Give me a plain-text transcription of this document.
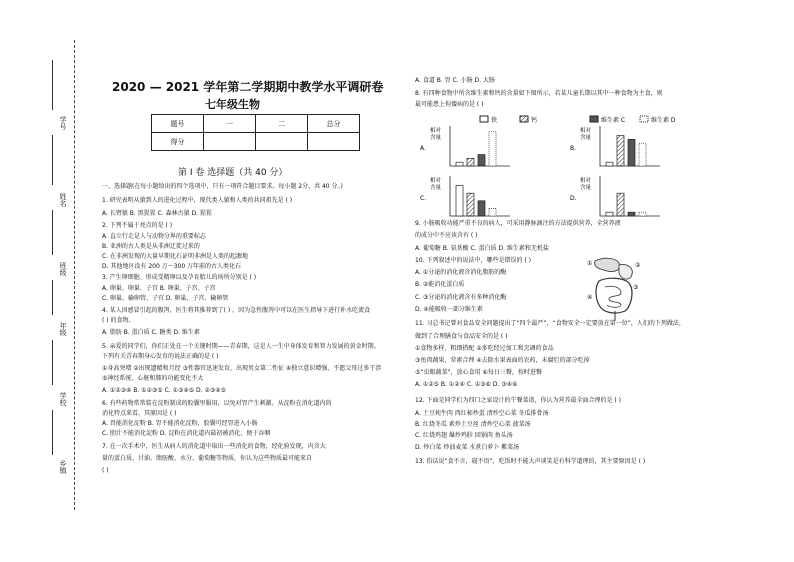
学号
姓名
班级
年级
学校
乡镇
2020 — 2021 学年第二学期期中教学水平调研卷
七年级生物
题号	一	二	总分
得分			
第 I 卷 选择题（共 40 分）
一、选择题(在每小题给出的四个选项中，只有一项符合题目要求。每小题 2分，共 40 分。)
1. 研究表明从猿到人的进化过程中，现代类人猿和人类的共同祖先是 ( )
A. 长臂猿 B. 黑猩猩 C. 森林古猿 D. 猩猩
2. 下列不属于亮点的是 ( )
A. 直立行走是人与动物分界的重要标志
B. 亚洲的古人类是从非洲迁徙过来的
C. 在非洲发现的大量早期化石证明非洲是人类的起源地
D. 其他地区没有 200 万～300 万年前的古人类化石
3. 产生卵细胞、形成受精卵以及孕育胎儿的场所分别是 ( )
A. 卵巢、卵巢、子宫 B. 卵巢、子宫、子宫
C. 卵巢、输卵管、子宫 D. 卵巢、子宫、输卵管
4. 某人因感冒引起的腹泻，医生将其推荐到了( ) ，因为急性腹泻中可以在医生指导下进行补水吃流食
( ) 的食物。
A. 脂肪 B. 蛋白质 C. 糖类 D. 维生素
5. 亲爱的同学们，你们正处在一个关键时期——青春期，这是人一生中身体发育和智力发展的黄金时期。
下列有关青春期身心发育的说法正确的是 ( )
①身高突增 ②出现遗精和月经 ③性器官迅速发育，出现男女第二性征 ④独立意识增强，不愿父母过多干涉
⑤神经系统、心脏和肺的功能变化不大
A. ①②③④ B. ①②③⑤ C. ①③④⑤ D. ②③④⑤
6. 有些药物常常装在淀粉制成的胶囊里服用，以免对胃产生刺激。从淀粉在消化道内的
消化特点来看，其原因是 ( )
A. 胃能消化淀粉 B. 胃不能消化淀粉，胶囊可经胃进入小肠
C. 胆汁不能消化淀粉 D. 淀粉在消化道内最初被消化，便于吞咽
7. 在一次手术中，医生从病人的消化道中取出一些消化的食物，经化验发现，内含大
量的蛋白质、甘油、脂肪酸、水分、葡萄糖等物质，你认为这些物质最可能来自
( )
A. 食道 B. 胃 C. 小肠 D. 大肠
8. 有四种食物中所含维生素和钙的含量如下图所示，若某儿童长期以其中一种食物为主食，则
最可能患上佝偻病的是 ( )
9. 小肠吸收功能严重不良的病人，可采用静脉滴注的方法提供营养，全营养液
的成分中不应该含有 ( )
A. 葡萄糖 B. 氨基酸 C. 蛋白质 D. 维生素和无机盐
10. 下列叙述中的说法中，哪些是错误的 ( )
A. ①分泌的消化液含消化脂肪的酶
B. ②能消化蛋白质
C. ③分泌的消化液含有多种消化酶
D. ④能吸收一部分维生素
11. 习总书记曾对食品安全问题提出了“四个最严”，“食物安全一定要放在第一位”，人们的下列做法，
做到了合理膳食与食品安全的是 ( )
①食物多样，粗细搭配 ②多吃经过加工和烹调的食品
③鱼肉蔬果，荤素合理 ④去除水果表面的农药，未腐烂的部分吃掉
⑤“虫眼蔬菜”，放心食用 ⑥每日三餐，按时进餐
A. ①②⑤ B. ①②④ C. ①③⑥ D. ③④⑥
12. 下面是同学们为四口之家设计的午餐菜谱，你认为营养最全面合理的是 ( )
A. 土豆炖牛肉 西红柿炒蛋 清炒空心菜 冬瓜排骨汤
B. 红烧冬瓜 素炒土豆丝 清炒空心菜 菠菜汤
C. 红烧鸡翅 爆炒鸡胗 回锅肉 鱼头汤
D. 炒白菜 炒油麦菜 水煮白萝卜 紫菜汤
13. 俗话说“食不言，寝不语”，吃饭时不能大声谈笑是有科学道理的，其主要原因是 ( )
铁	钙	维生素 C	维生素 D
A.
相对
含量
B.
相对
含量
C.
相对
含量
D.
相对
含量
①	②
③
④
